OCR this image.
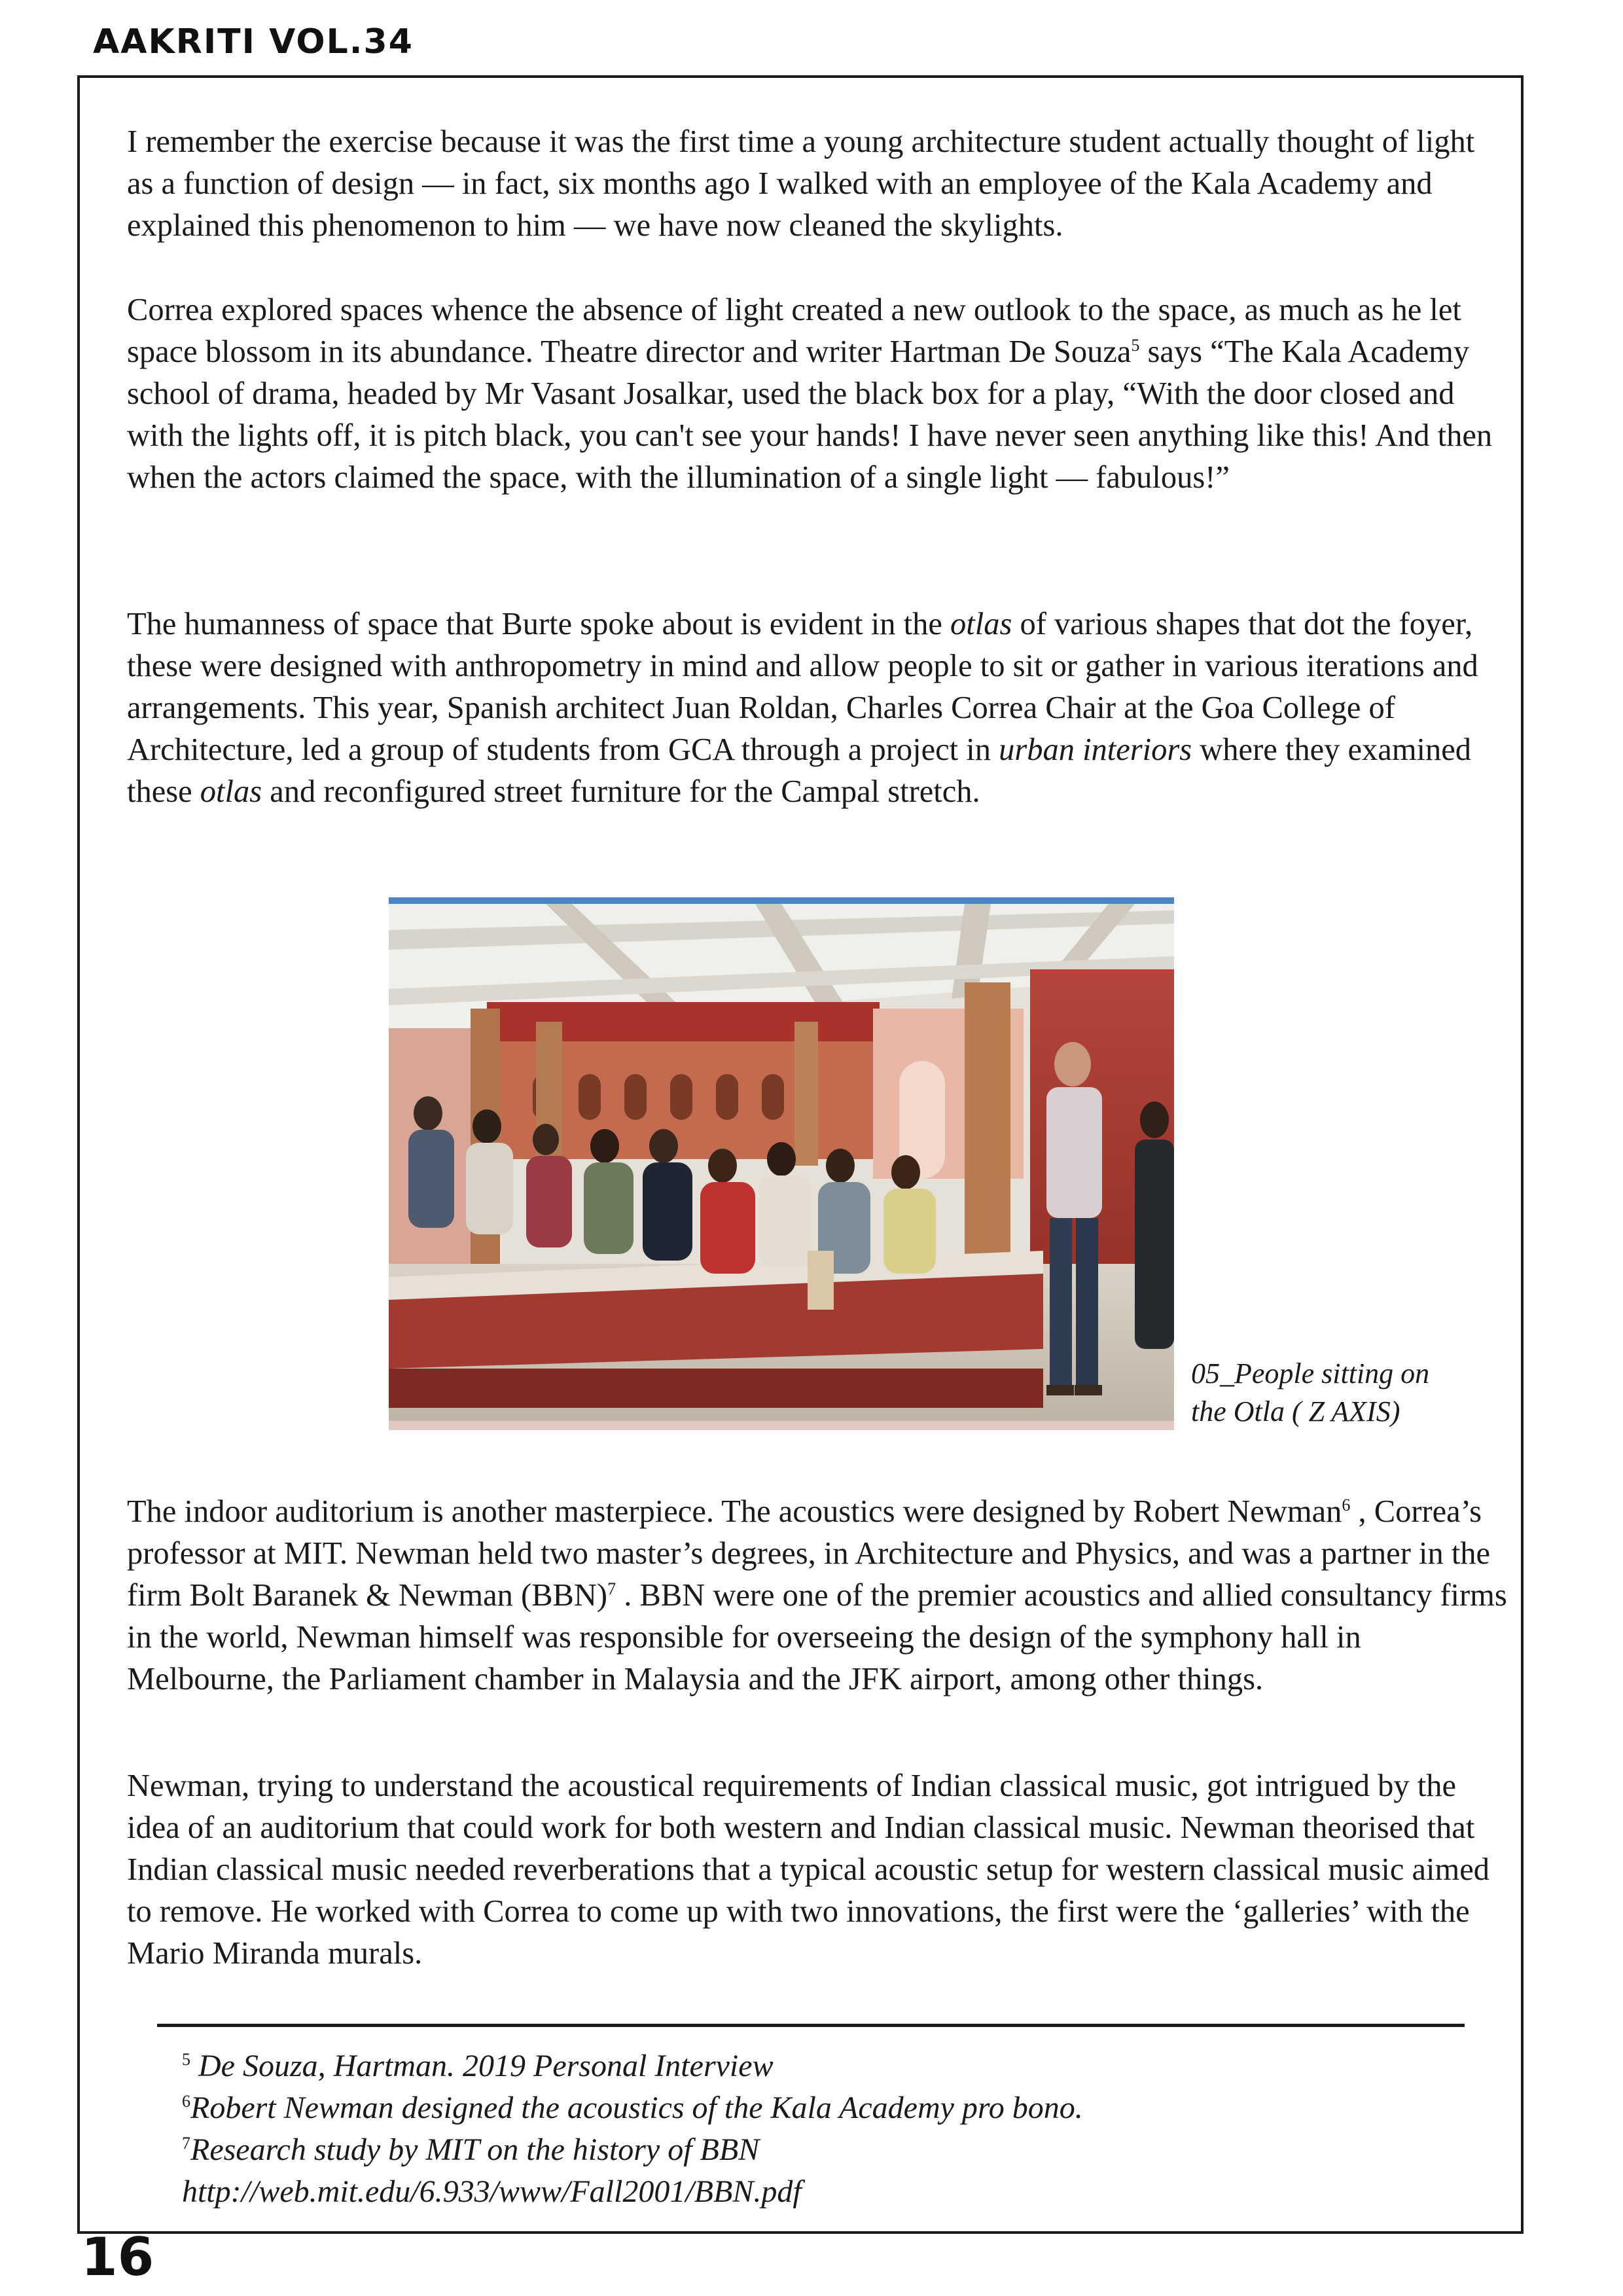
AAKRITI VOL.34

I remember the exercise because it was the first time a young architecture student actually thought of light as a function of design — in fact, six months ago I walked with an employee of the Kala Academy and explained this phenomenon to him — we have now cleaned the skylights.

Correa explored spaces whence the absence of light created a new outlook to the space, as much as he let space blossom in its abundance. Theatre director and writer Hartman De Souza$^5$ says “The Kala Academy school of drama, headed by Mr Vasant Josalkar, used the black box for a play, “With the door closed and with the lights off, it is pitch black, you can't see your hands! I have never seen anything like this! And then when the actors claimed the space, with the illumination of a single light — fabulous!”

The humanness of space that Burte spoke about is evident in the otlas of various shapes that dot the foyer, these were designed with anthropometry in mind and allow people to sit or gather in various iterations and arrangements. This year, Spanish architect Juan Roldan, Charles Correa Chair at the Goa College of Architecture, led a group of students from GCA through a project in urban interiors where they examined these otlas and reconfigured street furniture for the Campal stretch.

05_People sitting on
the Otla ( Z AXIS)

The indoor auditorium is another masterpiece. The acoustics were designed by Robert Newman$^6$ , Correa’s professor at MIT. Newman held two master’s degrees, in Architecture and Physics, and was a partner in the firm Bolt Baranek & Newman (BBN)$^7$ . BBN were one of the premier acoustics and allied consultancy firms in the world, Newman himself was responsible for overseeing the design of the symphony hall in Melbourne, the Parliament chamber in Malaysia and the JFK airport, among other things.

Newman, trying to understand the acoustical requirements of Indian classical music, got intrigued by the idea of an auditorium that could work for both western and Indian classical music. Newman theorised that Indian classical music needed reverberations that a typical acoustic setup for western classical music aimed to remove. He worked with Correa to come up with two innovations, the first were the ‘galleries’ with the Mario Miranda murals.

$^5$ De Souza, Hartman. 2019 Personal Interview
$^6$Robert Newman designed the acoustics of the Kala Academy pro bono.
$^7$Research study by MIT on the history of BBN
http://web.mit.edu/6.933/www/Fall2001/BBN.pdf
16
